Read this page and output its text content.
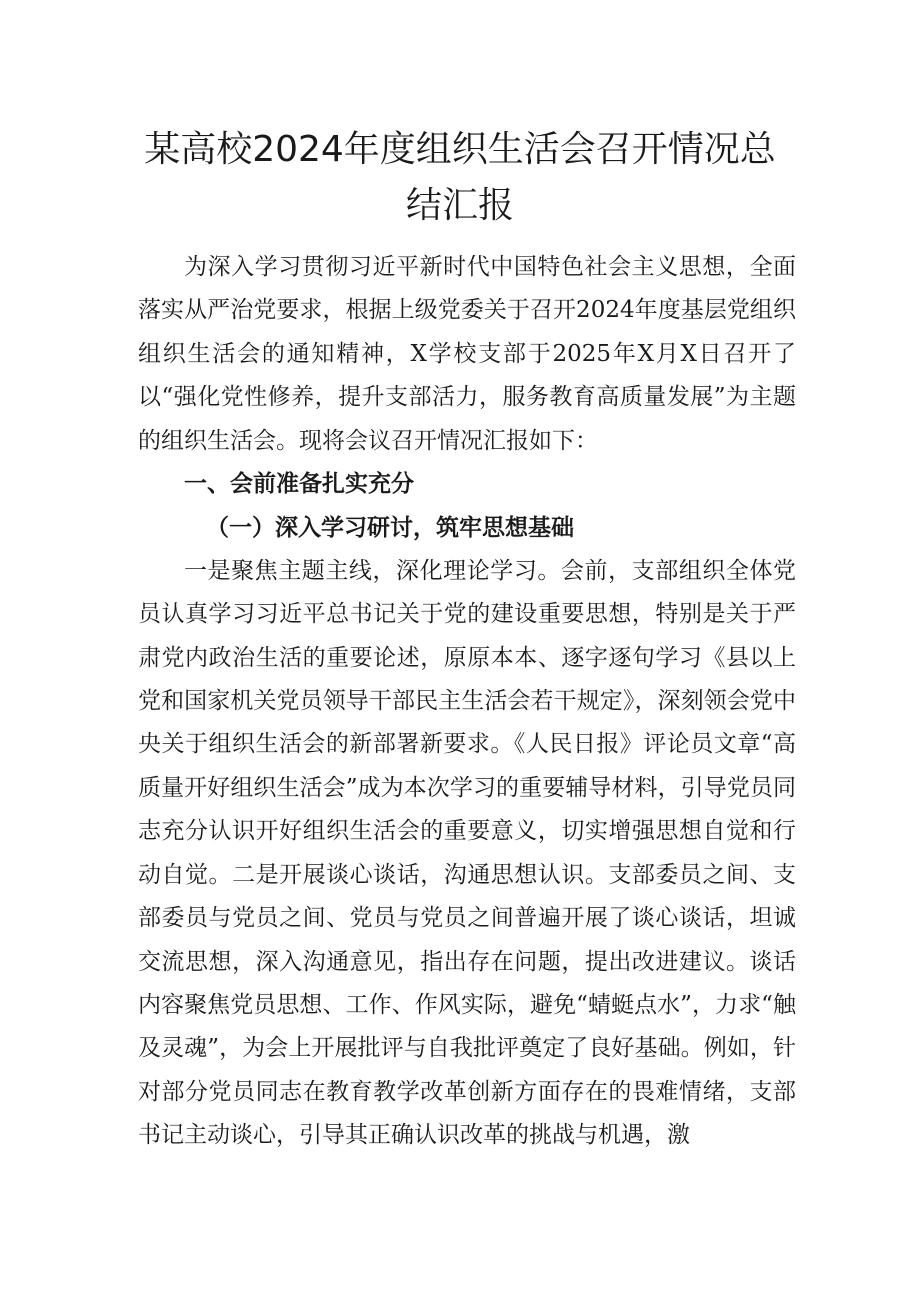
某高校2024年度组织生活会召开情况总结汇报

为深入学习贯彻习近平新时代中国特色社会主义思想，全面落实从严治党要求，根据上级党委关于召开2024年度基层党组织组织生活会的通知精神，X学校支部于2025年X月X日召开了以“强化党性修养，提升支部活力，服务教育高质量发展”为主题的组织生活会。现将会议召开情况汇报如下：

一、会前准备扎实充分

（一）深入学习研讨，筑牢思想基础

一是聚焦主题主线，深化理论学习。会前，支部组织全体党员认真学习习近平总书记关于党的建设重要思想，特别是关于严肃党内政治生活的重要论述，原原本本、逐字逐句学习《县以上党和国家机关党员领导干部民主生活会若干规定》，深刻领会党中央关于组织生活会的新部署新要求。《人民日报》评论员文章“高质量开好组织生活会”成为本次学习的重要辅导材料，引导党员同志充分认识开好组织生活会的重要意义，切实增强思想自觉和行动自觉。二是开展谈心谈话，沟通思想认识。支部委员之间、支部委员与党员之间、党员与党员之间普遍开展了谈心谈话，坦诚交流思想，深入沟通意见，指出存在问题，提出改进建议。谈话内容聚焦党员思想、工作、作风实际，避免“蜻蜓点水”，力求“触及灵魂”，为会上开展批评与自我批评奠定了良好基础。例如，针对部分党员同志在教育教学改革创新方面存在的畏难情绪，支部书记主动谈心，引导其正确认识改革的挑战与机遇，激
